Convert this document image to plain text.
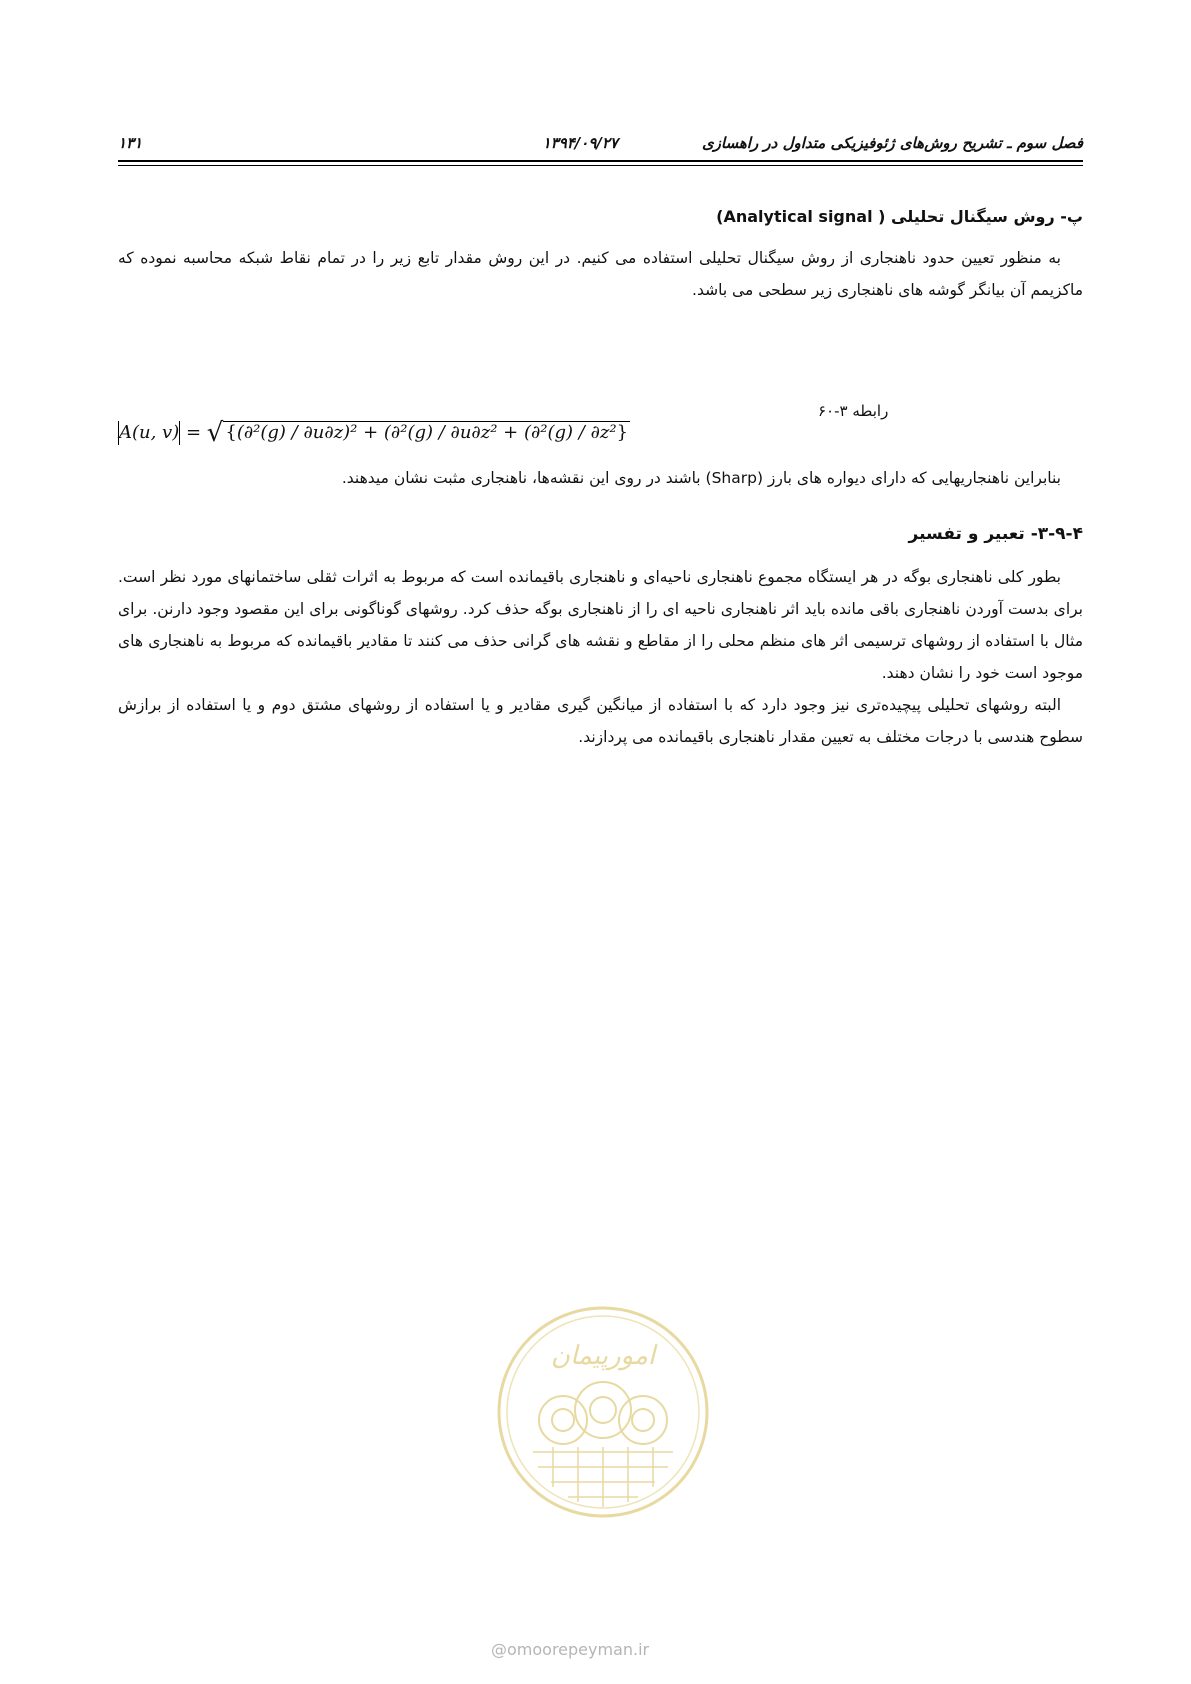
فصل سوم ـ تشریح روش‌های ژئوفیزیکی متداول در راهسازی
۱۳۹۴/۰۹/۲۷
۱۳۱
پ- روش سیگنال تحلیلی ( Analytical signal)
به منظور تعیین حدود ناهنجاری از روش سیگنال تحلیلی استفاده می کنیم. در این روش مقدار تابع زیر را در تمام نقاط شبکه محاسبه نموده که ماکزیمم آن بیانگر گوشه های ناهنجاری زیر سطحی می باشد.
رابطه ۳-۶۰
A(u, v) = √ {(∂²(g) / ∂u∂z)² + (∂²(g) / ∂u∂z² + (∂²(g) / ∂z²}
بنابراین ناهنجاریهایی که دارای دیواره های بارز (Sharp) باشند در روی این نقشه‌ها، ناهنجاری مثبت نشان میدهند.
۳-۹-۴- تعبیر و تفسیر
بطور کلی ناهنجاری بوگه در هر ایستگاه مجموع ناهنجاری ناحیه‌ای و ناهنجاری باقیمانده است که مربوط به اثرات ثقلی ساختمانهای مورد نظر است. برای بدست آوردن ناهنجاری باقی مانده باید اثر ناهنجاری ناحیه ای را از ناهنجاری بوگه حذف کرد. روشهای گوناگونی برای این مقصود وجود دارنن. برای مثال با استفاده از روشهای ترسیمی اثر های منظم محلی را از مقاطع و نقشه های گرانی حذف می کنند تا مقادیر باقیمانده که مربوط به ناهنجاری های موجود است خود را نشان دهند.
البته روشهای تحلیلی پیچیده‌تری نیز وجود دارد که با استفاده از میانگین گیری مقادیر و یا استفاده از روشهای مشتق دوم و یا استفاده از برازش سطوح هندسی با درجات مختلف به تعیین مقدار ناهنجاری باقیمانده می پردازند.
امورپیمان
@omoorepeyman.ir
